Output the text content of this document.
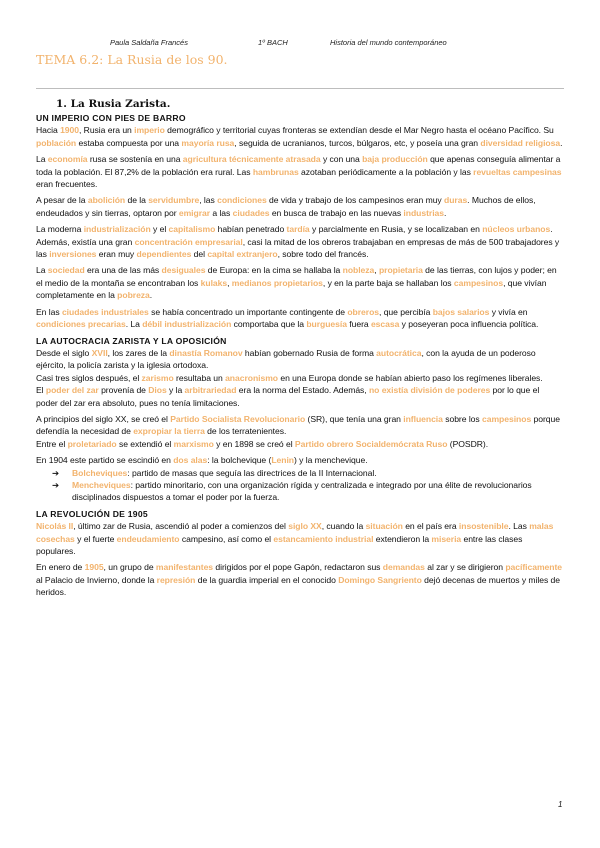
Paula Saldaña Francés	1º BACH	Historia del mundo contemporáneo
TEMA 6.2: La Rusia de los 90.
1. La Rusia Zarista.
UN IMPERIO CON PIES DE BARRO

Hacia 1900, Rusia era un imperio demográfico y territorial cuyas fronteras se extendían desde el Mar Negro hasta el océano Pacífico. Su población estaba compuesta por una mayoría rusa, seguida de ucranianos, turcos, búlgaros, etc, y poseía una gran diversidad religiosa.

La economía rusa se sostenía en una agricultura técnicamente atrasada y con una baja producción que apenas conseguía alimentar a toda la población. El 87,2% de la población era rural. Las hambrunas azotaban periódicamente a la población y las revueltas campesinas eran frecuentes.

A pesar de la abolición de la servidumbre, las condiciones de vida y trabajo de los campesinos eran muy duras. Muchos de ellos, endeudados y sin tierras, optaron por emigrar a las ciudades en busca de trabajo en las nuevas industrias.

La moderna industrialización y el capitalismo habían penetrado tardía y parcialmente en Rusia, y se localizaban en núcleos urbanos. Además, existía una gran concentración empresarial, casi la mitad de los obreros trabajaban en empresas de más de 500 trabajadores y las inversiones eran muy dependientes del capital extranjero, sobre todo del francés.

La sociedad era una de las más desiguales de Europa: en la cima se hallaba la nobleza, propietaria de las tierras, con lujos y poder; en el medio de la montaña se encontraban los kulaks, medianos propietarios, y en la parte baja se hallaban los campesinos, que vivían completamente en la pobreza.

En las ciudades industriales se había concentrado un importante contingente de obreros, que percibía bajos salarios y vivía en condiciones precarias. La débil industrialización comportaba que la burguesía fuera escasa y poseyeran poca influencia política.

LA AUTOCRACIA ZARISTA Y LA OPOSICIÓN

Desde el siglo XVII, los zares de la dinastía Romanov habían gobernado Rusia de forma autocrática, con la ayuda de un poderoso ejército, la policía zarista y la iglesia ortodoxa.

Casi tres siglos después, el zarismo resultaba un anacronismo en una Europa donde se habían abierto paso los regímenes liberales.

El poder del zar provenía de Dios y la arbitrariedad era la norma del Estado. Además, no existía división de poderes por lo que el poder del zar era absoluto, pues no tenía limitaciones.

A principios del siglo XX, se creó el Partido Socialista Revolucionario (SR), que tenía una gran influencia sobre los campesinos porque defendía la necesidad de expropiar la tierra de los terratenientes.

Entre el proletariado se extendió el marxismo y en 1898 se creó el Partido obrero Socialdemócrata Ruso (POSDR).

En 1904 este partido se escindió en dos alas: la bolchevique (Lenin) y la menchevique.

➔ Bolcheviques: partido de masas que seguía las directrices de la II Internacional.
➔ Mencheviques: partido minoritario, con una organización rígida y centralizada e integrado por una élite de revolucionarios disciplinados dispuestos a tomar el poder por la fuerza.
LA REVOLUCIÓN DE 1905

Nicolás II, último zar de Rusia, ascendió al poder a comienzos del siglo XX, cuando la situación en el país era insostenible. Las malas cosechas y el fuerte endeudamiento campesino, así como el estancamiento industrial extendieron la miseria entre las clases populares.

En enero de 1905, un grupo de manifestantes dirigidos por el pope Gapón, redactaron sus demandas al zar y se dirigieron pacíficamente al Palacio de Invierno, donde la represión de la guardia imperial en el conocido Domingo Sangriento dejó decenas de muertos y miles de heridos.

1
